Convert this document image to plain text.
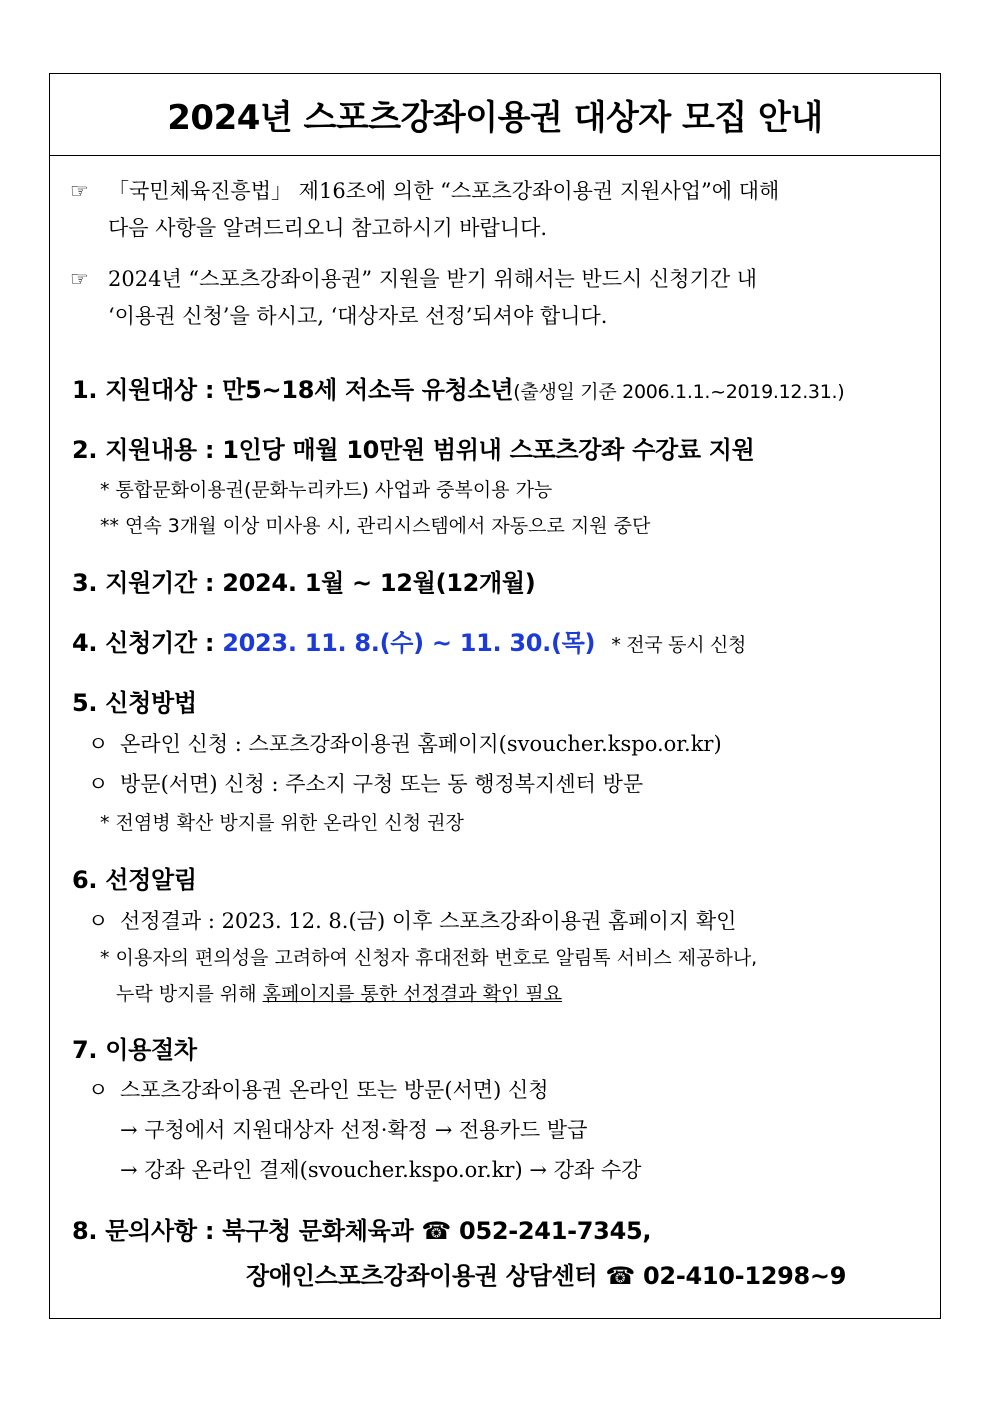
2024년 스포츠강좌이용권 대상자 모집 안내
☞ 「국민체육진흥법」 제16조에 의한 “스포츠강좌이용권 지원사업”에 대해
다음 사항을 알려드리오니 참고하시기 바랍니다.
☞ 2024년 “스포츠강좌이용권” 지원을 받기 위해서는 반드시 신청기간 내
‘이용권 신청’을 하시고, ‘대상자로 선정’되셔야 합니다.
1. 지원대상 : 만5~18세 저소득 유청소년(출생일 기준 2006.1.1.~2019.12.31.)
2. 지원내용 : 1인당 매월 10만원 범위내 스포츠강좌 수강료 지원
* 통합문화이용권(문화누리카드) 사업과 중복이용 가능
** 연속 3개월 이상 미사용 시, 관리시스템에서 자동으로 지원 중단
3. 지원기간 : 2024. 1월 ~ 12월(12개월)
4. 신청기간 : 2023. 11. 8.(수) ~ 11. 30.(목) * 전국 동시 신청
5. 신청방법
ㅇ 온라인 신청 : 스포츠강좌이용권 홈페이지(svoucher.kspo.or.kr)
ㅇ 방문(서면) 신청 : 주소지 구청 또는 동 행정복지센터 방문
* 전염병 확산 방지를 위한 온라인 신청 권장
6. 선정알림
ㅇ 선정결과 : 2023. 12. 8.(금) 이후 스포츠강좌이용권 홈페이지 확인
* 이용자의 편의성을 고려하여 신청자 휴대전화 번호로 알림톡 서비스 제공하나,
누락 방지를 위해 홈페이지를 통한 선정결과 확인 필요
7. 이용절차
ㅇ 스포츠강좌이용권 온라인 또는 방문(서면) 신청
→ 구청에서 지원대상자 선정·확정 → 전용카드 발급
→ 강좌 온라인 결제(svoucher.kspo.or.kr) → 강좌 수강
8. 문의사항 : 북구청 문화체육과 ☎ 052-241-7345,
장애인스포츠강좌이용권 상담센터 ☎ 02-410-1298~9
